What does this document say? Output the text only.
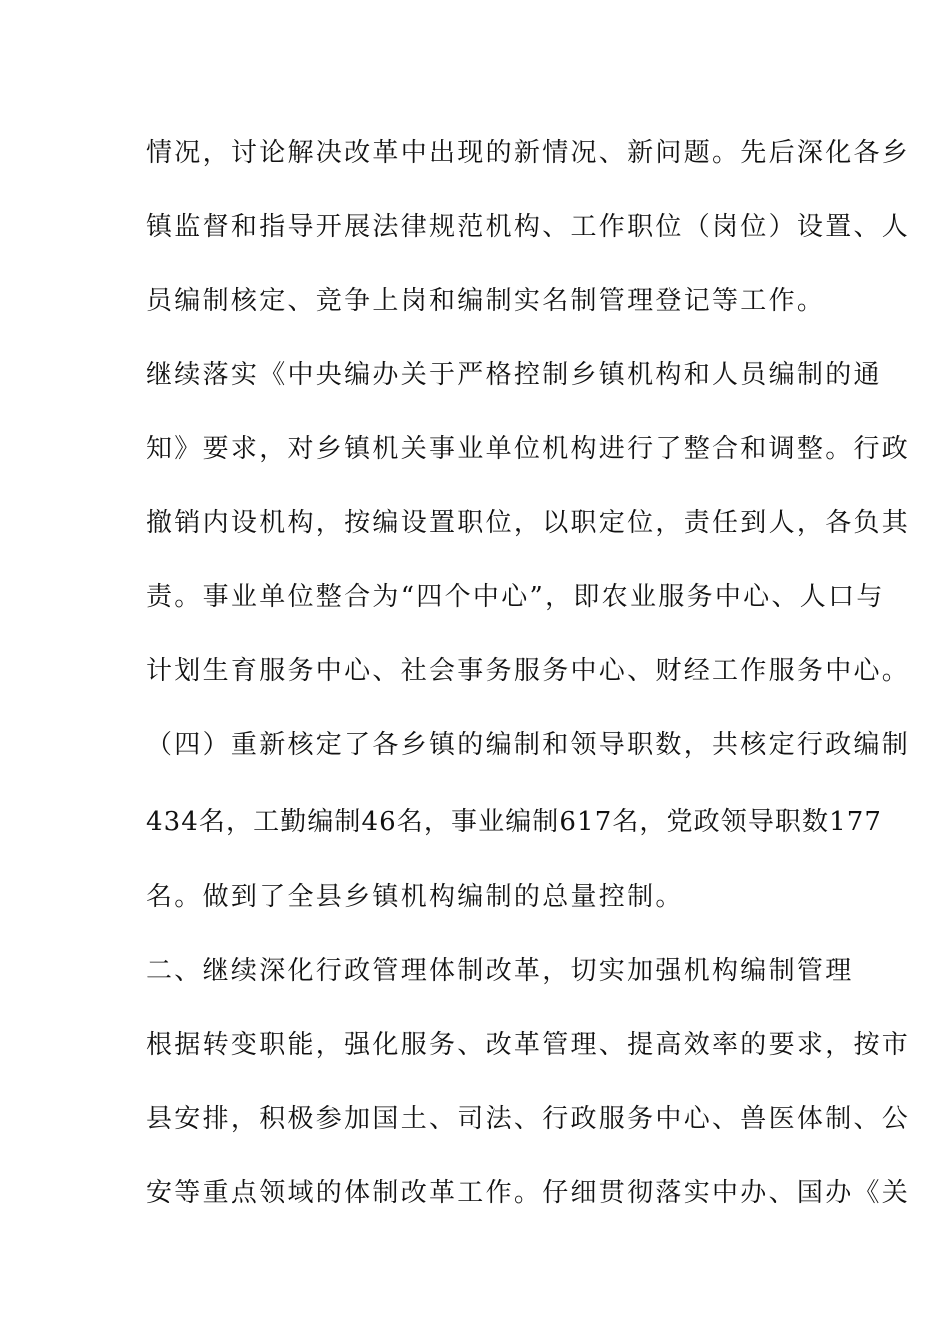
情况，讨论解决改革中出现的新情况、新问题。先后深化各乡
镇监督和指导开展法律规范机构、工作职位（岗位）设置、人
员编制核定、竞争上岗和编制实名制管理登记等工作。
继续落实《中央编办关于严格控制乡镇机构和人员编制的通
知》要求，对乡镇机关事业单位机构进行了整合和调整。行政
撤销内设机构，按编设置职位，以职定位，责任到人，各负其
责。事业单位整合为“四个中心”，即农业服务中心、人口与
计划生育服务中心、社会事务服务中心、财经工作服务中心。
（四）重新核定了各乡镇的编制和领导职数，共核定行政编制
434名，工勤编制46名，事业编制617名，党政领导职数177
名。做到了全县乡镇机构编制的总量控制。
二、继续深化行政管理体制改革，切实加强机构编制管理
根据转变职能，强化服务、改革管理、提高效率的要求，按市
县安排，积极参加国土、司法、行政服务中心、兽医体制、公
安等重点领域的体制改革工作。仔细贯彻落实中办、国办《关
